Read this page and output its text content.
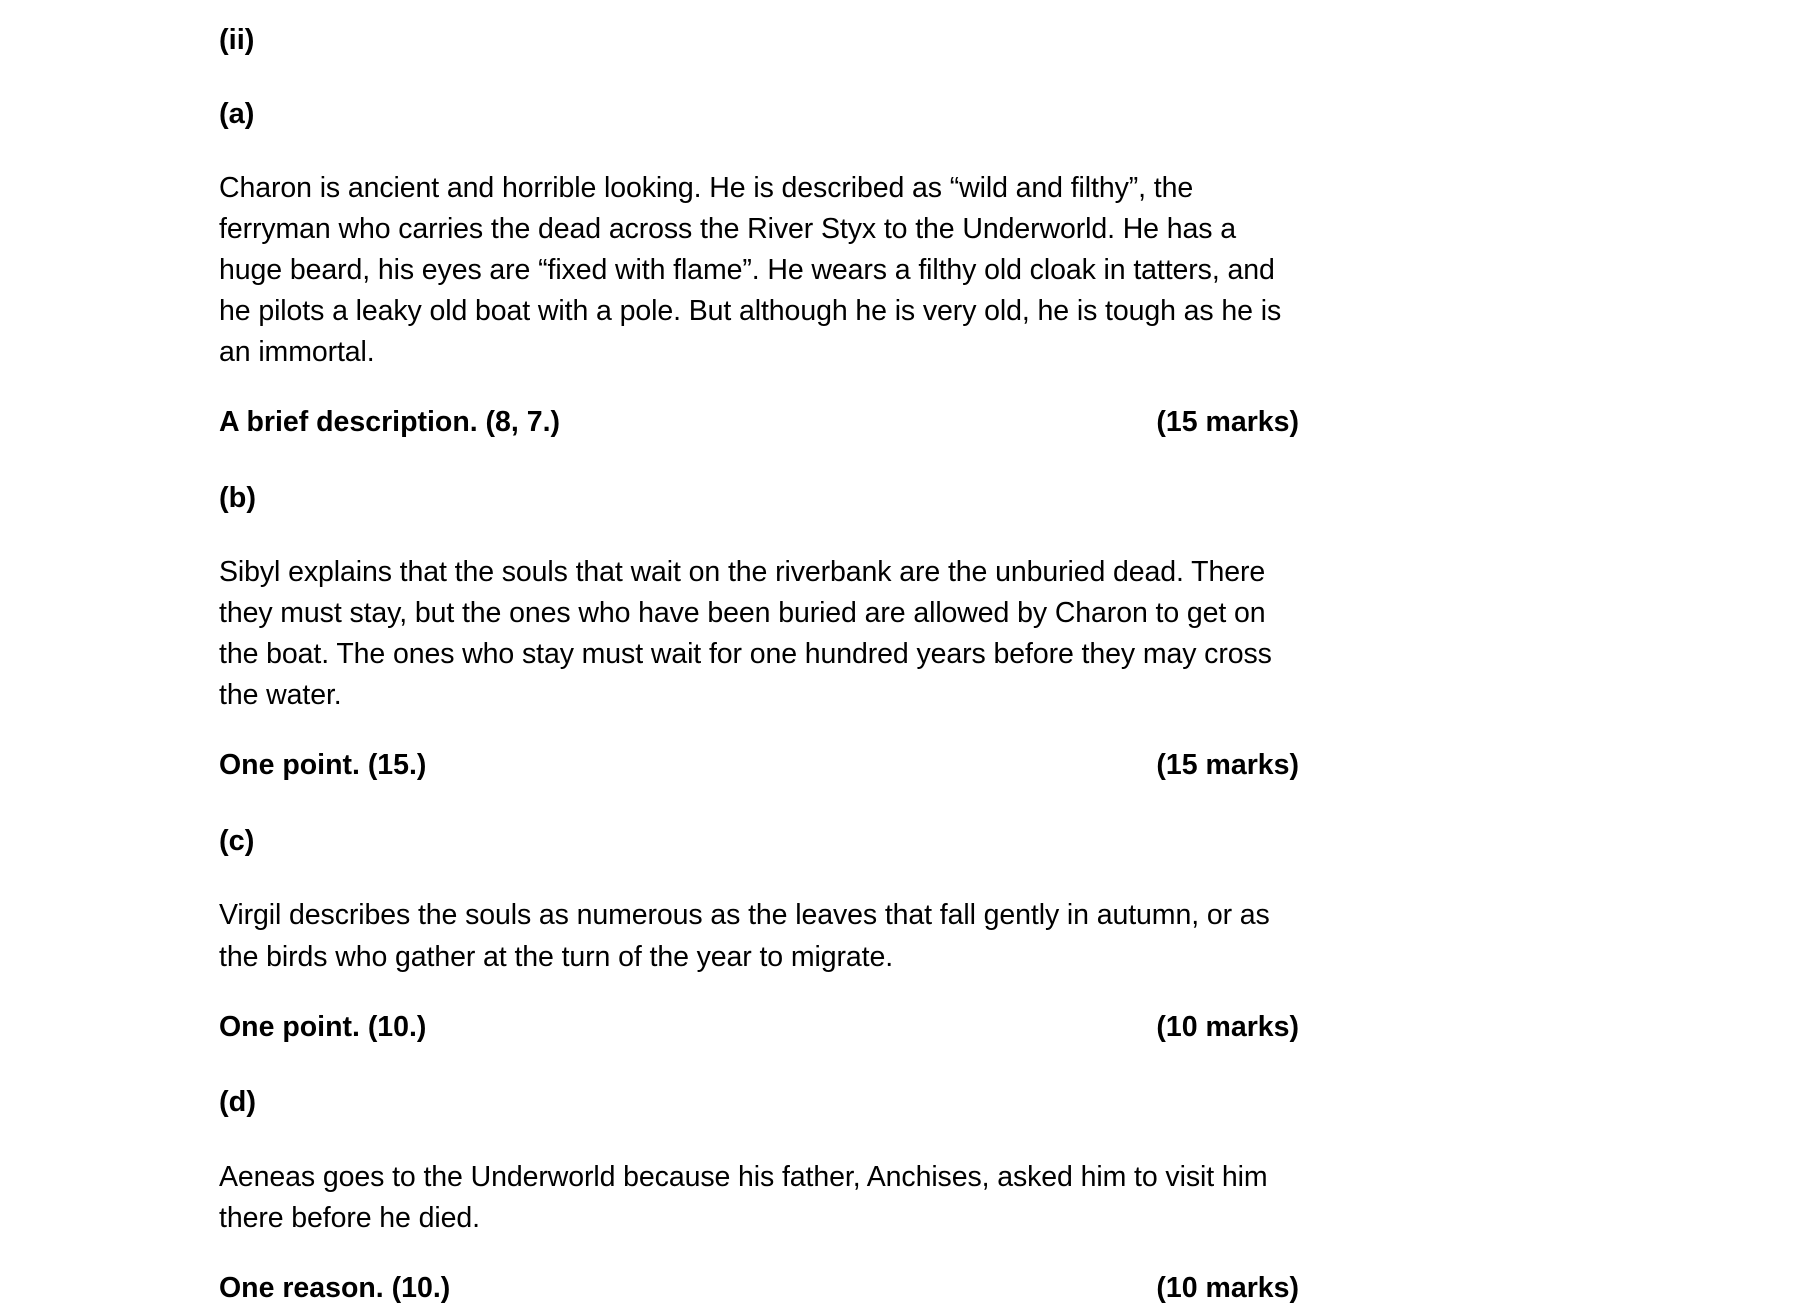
(ii)
(a)
Charon is ancient and horrible looking. He is described as “wild and filthy”, the ferryman who carries the dead across the River Styx to the Underworld. He has a huge beard, his eyes are “fixed with flame”. He wears a filthy old cloak in tatters, and he pilots a leaky old boat with a pole. But although he is very old, he is tough as he is an immortal.
A brief description. (8, 7.)	(15 marks)
(b)
Sibyl explains that the souls that wait on the riverbank are the unburied dead. There they must stay, but the ones who have been buried are allowed by Charon to get on the boat. The ones who stay must wait for one hundred years before they may cross the water.
One point. (15.)	(15 marks)
(c)
Virgil describes the souls as numerous as the leaves that fall gently in autumn, or as the birds who gather at the turn of the year to migrate.
One point. (10.)	(10 marks)
(d)
Aeneas goes to the Underworld because his father, Anchises, asked him to visit him there before he died.
One reason. (10.)	(10 marks)
